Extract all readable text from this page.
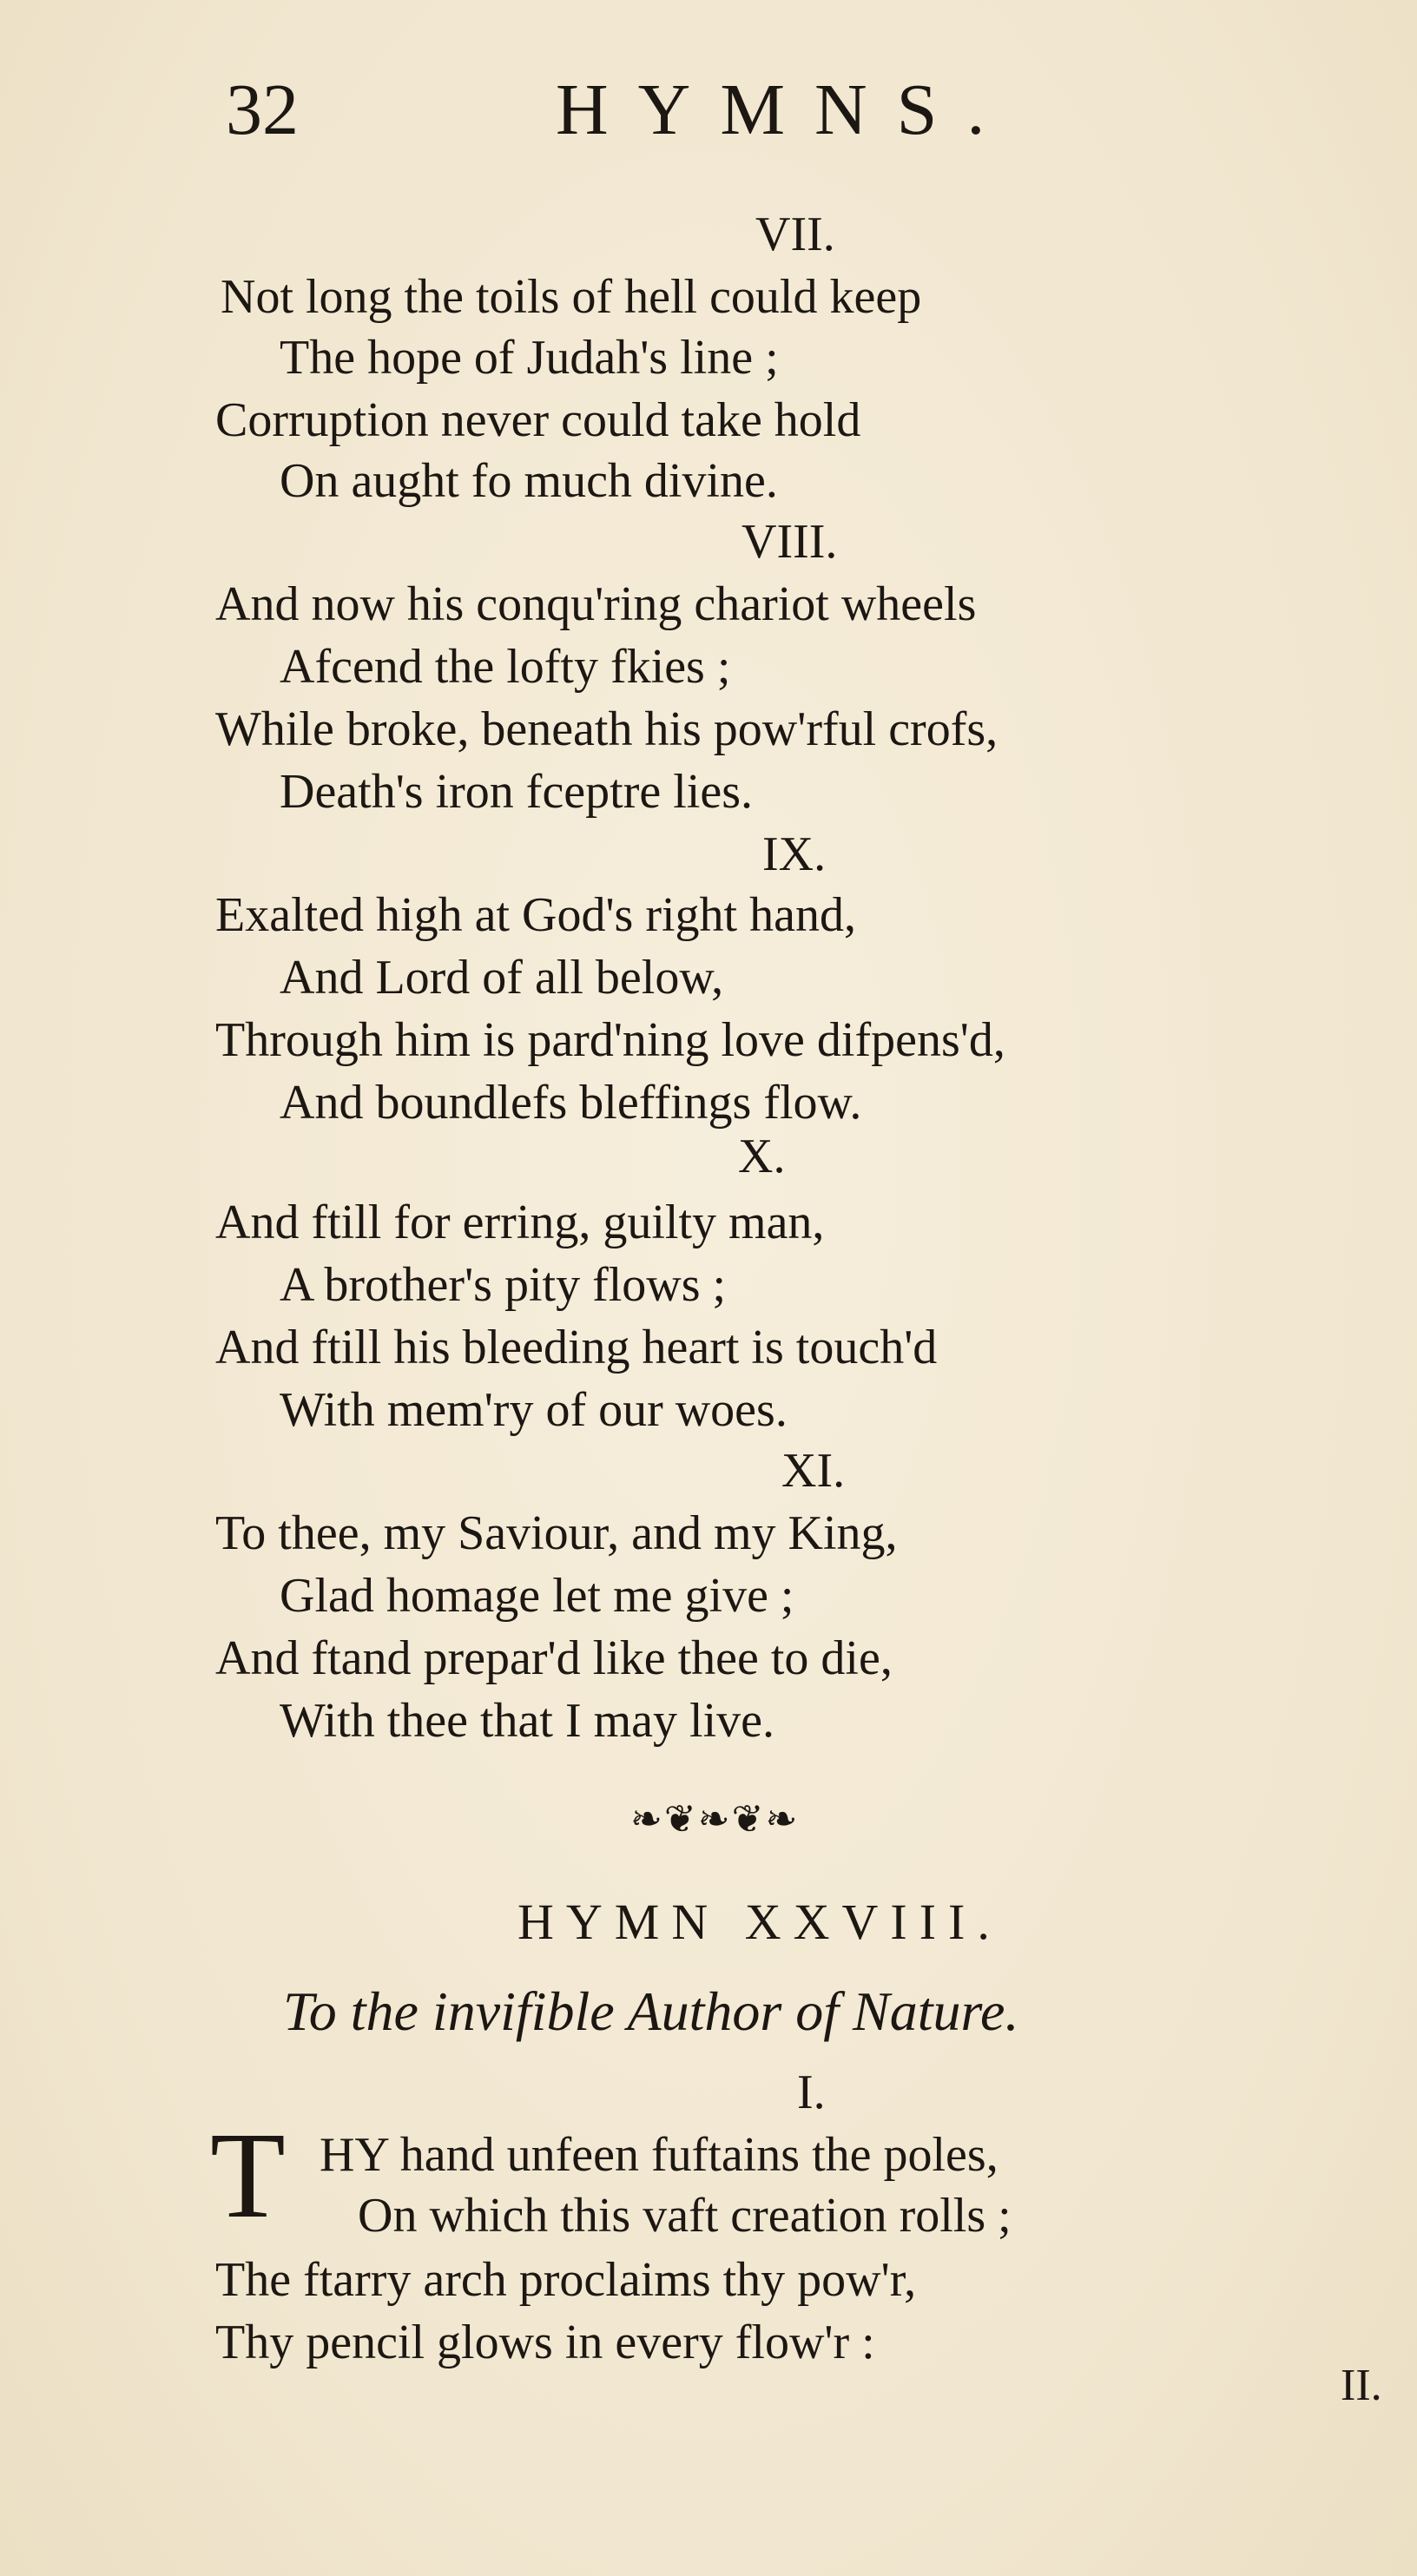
32	HYMNS.
VII.
Not long the toils of hell could keep
The hope of Judah's line ;
Corruption never could take hold
On aught fo much divine.
VIII.
And now his conqu'ring chariot wheels
Afcend the lofty fkies ;
While broke, beneath his pow'rful crofs,
Death's iron fceptre lies.
IX.
Exalted high at God's right hand,
And Lord of all below,
Through him is pard'ning love difpens'd,
And boundlefs bleffings flow.
X.
And ftill for erring, guilty man,
A brother's pity flows ;
And ftill his bleeding heart is touch'd
With mem'ry of our woes.
XI.
To thee, my Saviour, and my King,
Glad homage let me give ;
And ftand prepar'd like thee to die,
With thee that I may live.
❧❦❧❦❧
HYMN XXVIII.
To the invifible Author of Nature.
I.
T HY hand unfeen fuftains the poles,
On which this vaft creation rolls ;
The ftarry arch proclaims thy pow'r,
Thy pencil glows in every flow'r :
II.
